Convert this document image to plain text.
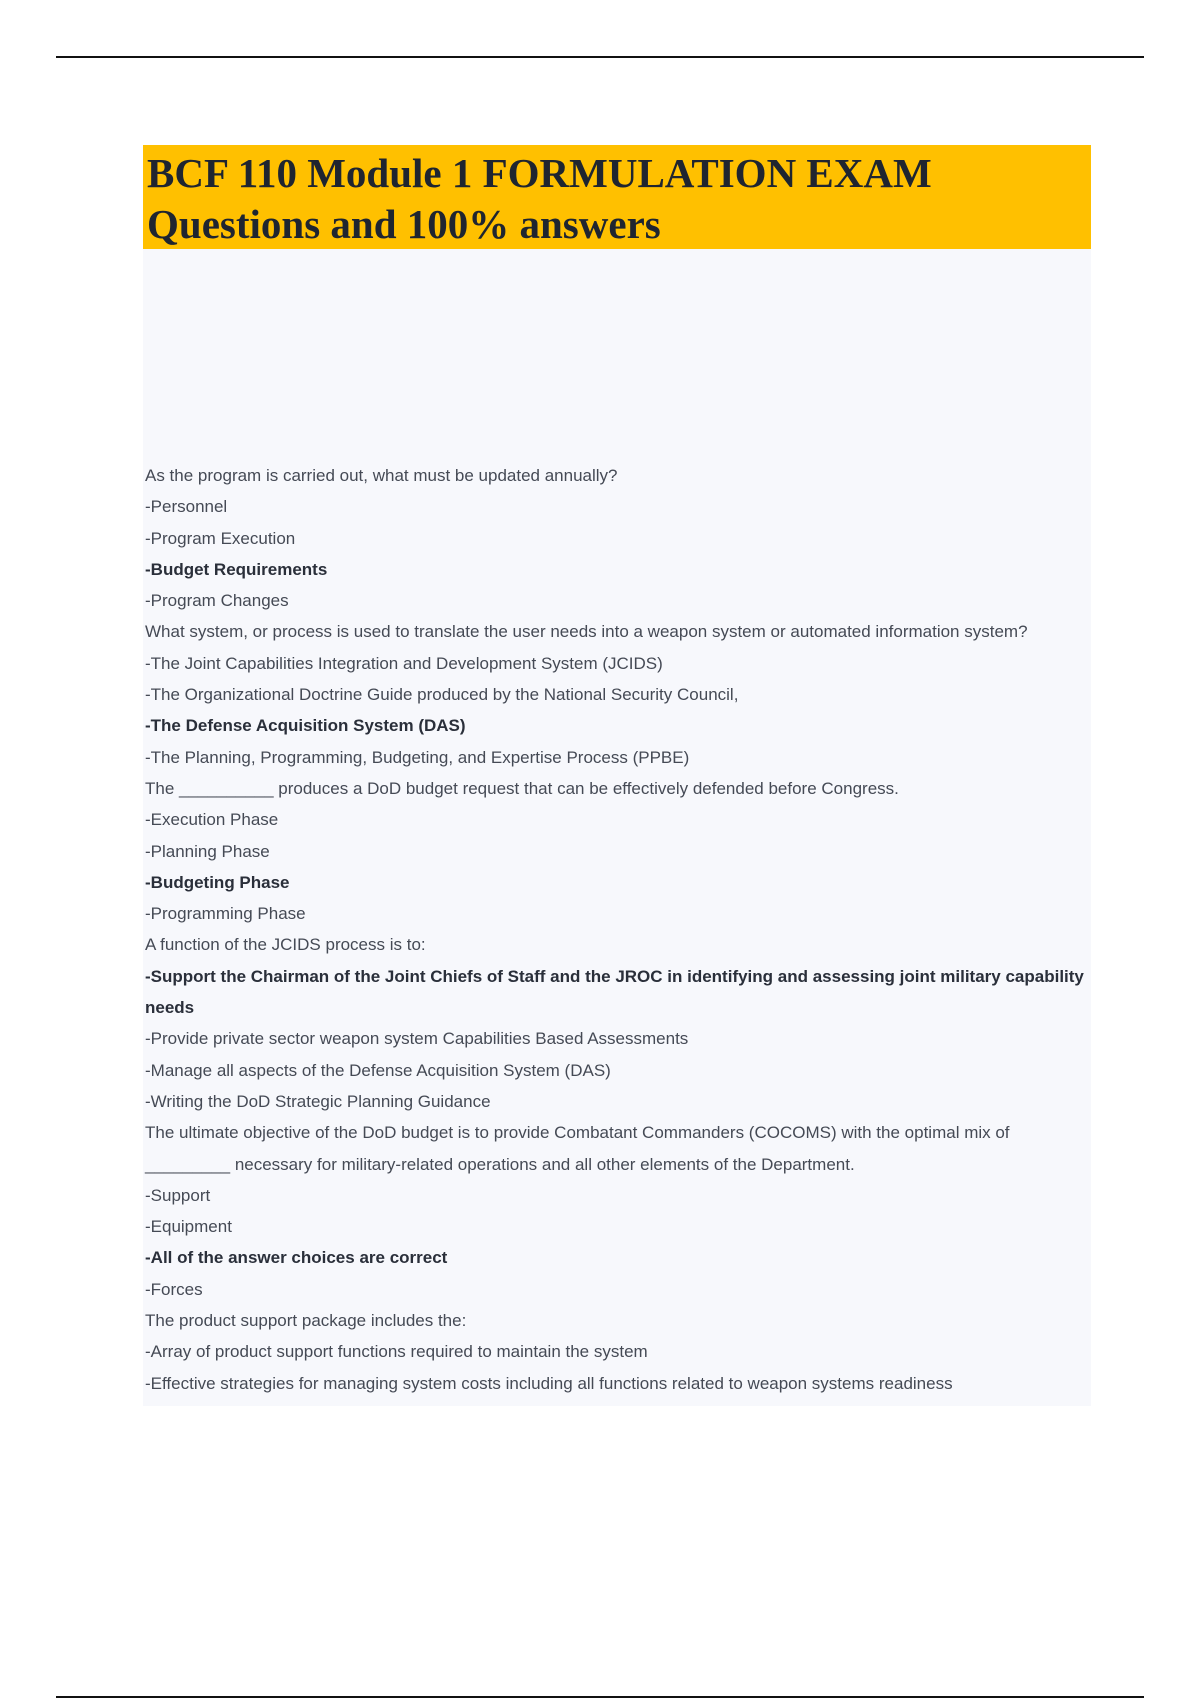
BCF 110 Module 1 FORMULATION EXAM
Questions and 100% answers
As the program is carried out, what must be updated annually?
-Personnel
-Program Execution
-Budget Requirements
-Program Changes
What system, or process is used to translate the user needs into a weapon system or automated information system?
-The Joint Capabilities Integration and Development System (JCIDS)
-The Organizational Doctrine Guide produced by the National Security Council,
-The Defense Acquisition System (DAS)
-The Planning, Programming, Budgeting, and Expertise Process (PPBE)
The __________ produces a DoD budget request that can be effectively defended before Congress.
-Execution Phase
-Planning Phase
-Budgeting Phase
-Programming Phase
A function of the JCIDS process is to:
-Support the Chairman of the Joint Chiefs of Staff and the JROC in identifying and assessing joint military capability needs
-Provide private sector weapon system Capabilities Based Assessments
-Manage all aspects of the Defense Acquisition System (DAS)
-Writing the DoD Strategic Planning Guidance
The ultimate objective of the DoD budget is to provide Combatant Commanders (COCOMS) with the optimal mix of _________ necessary for military-related operations and all other elements of the Department.
-Support
-Equipment
-All of the answer choices are correct
-Forces
The product support package includes the:
-Array of product support functions required to maintain the system
-Effective strategies for managing system costs including all functions related to weapon systems readiness
